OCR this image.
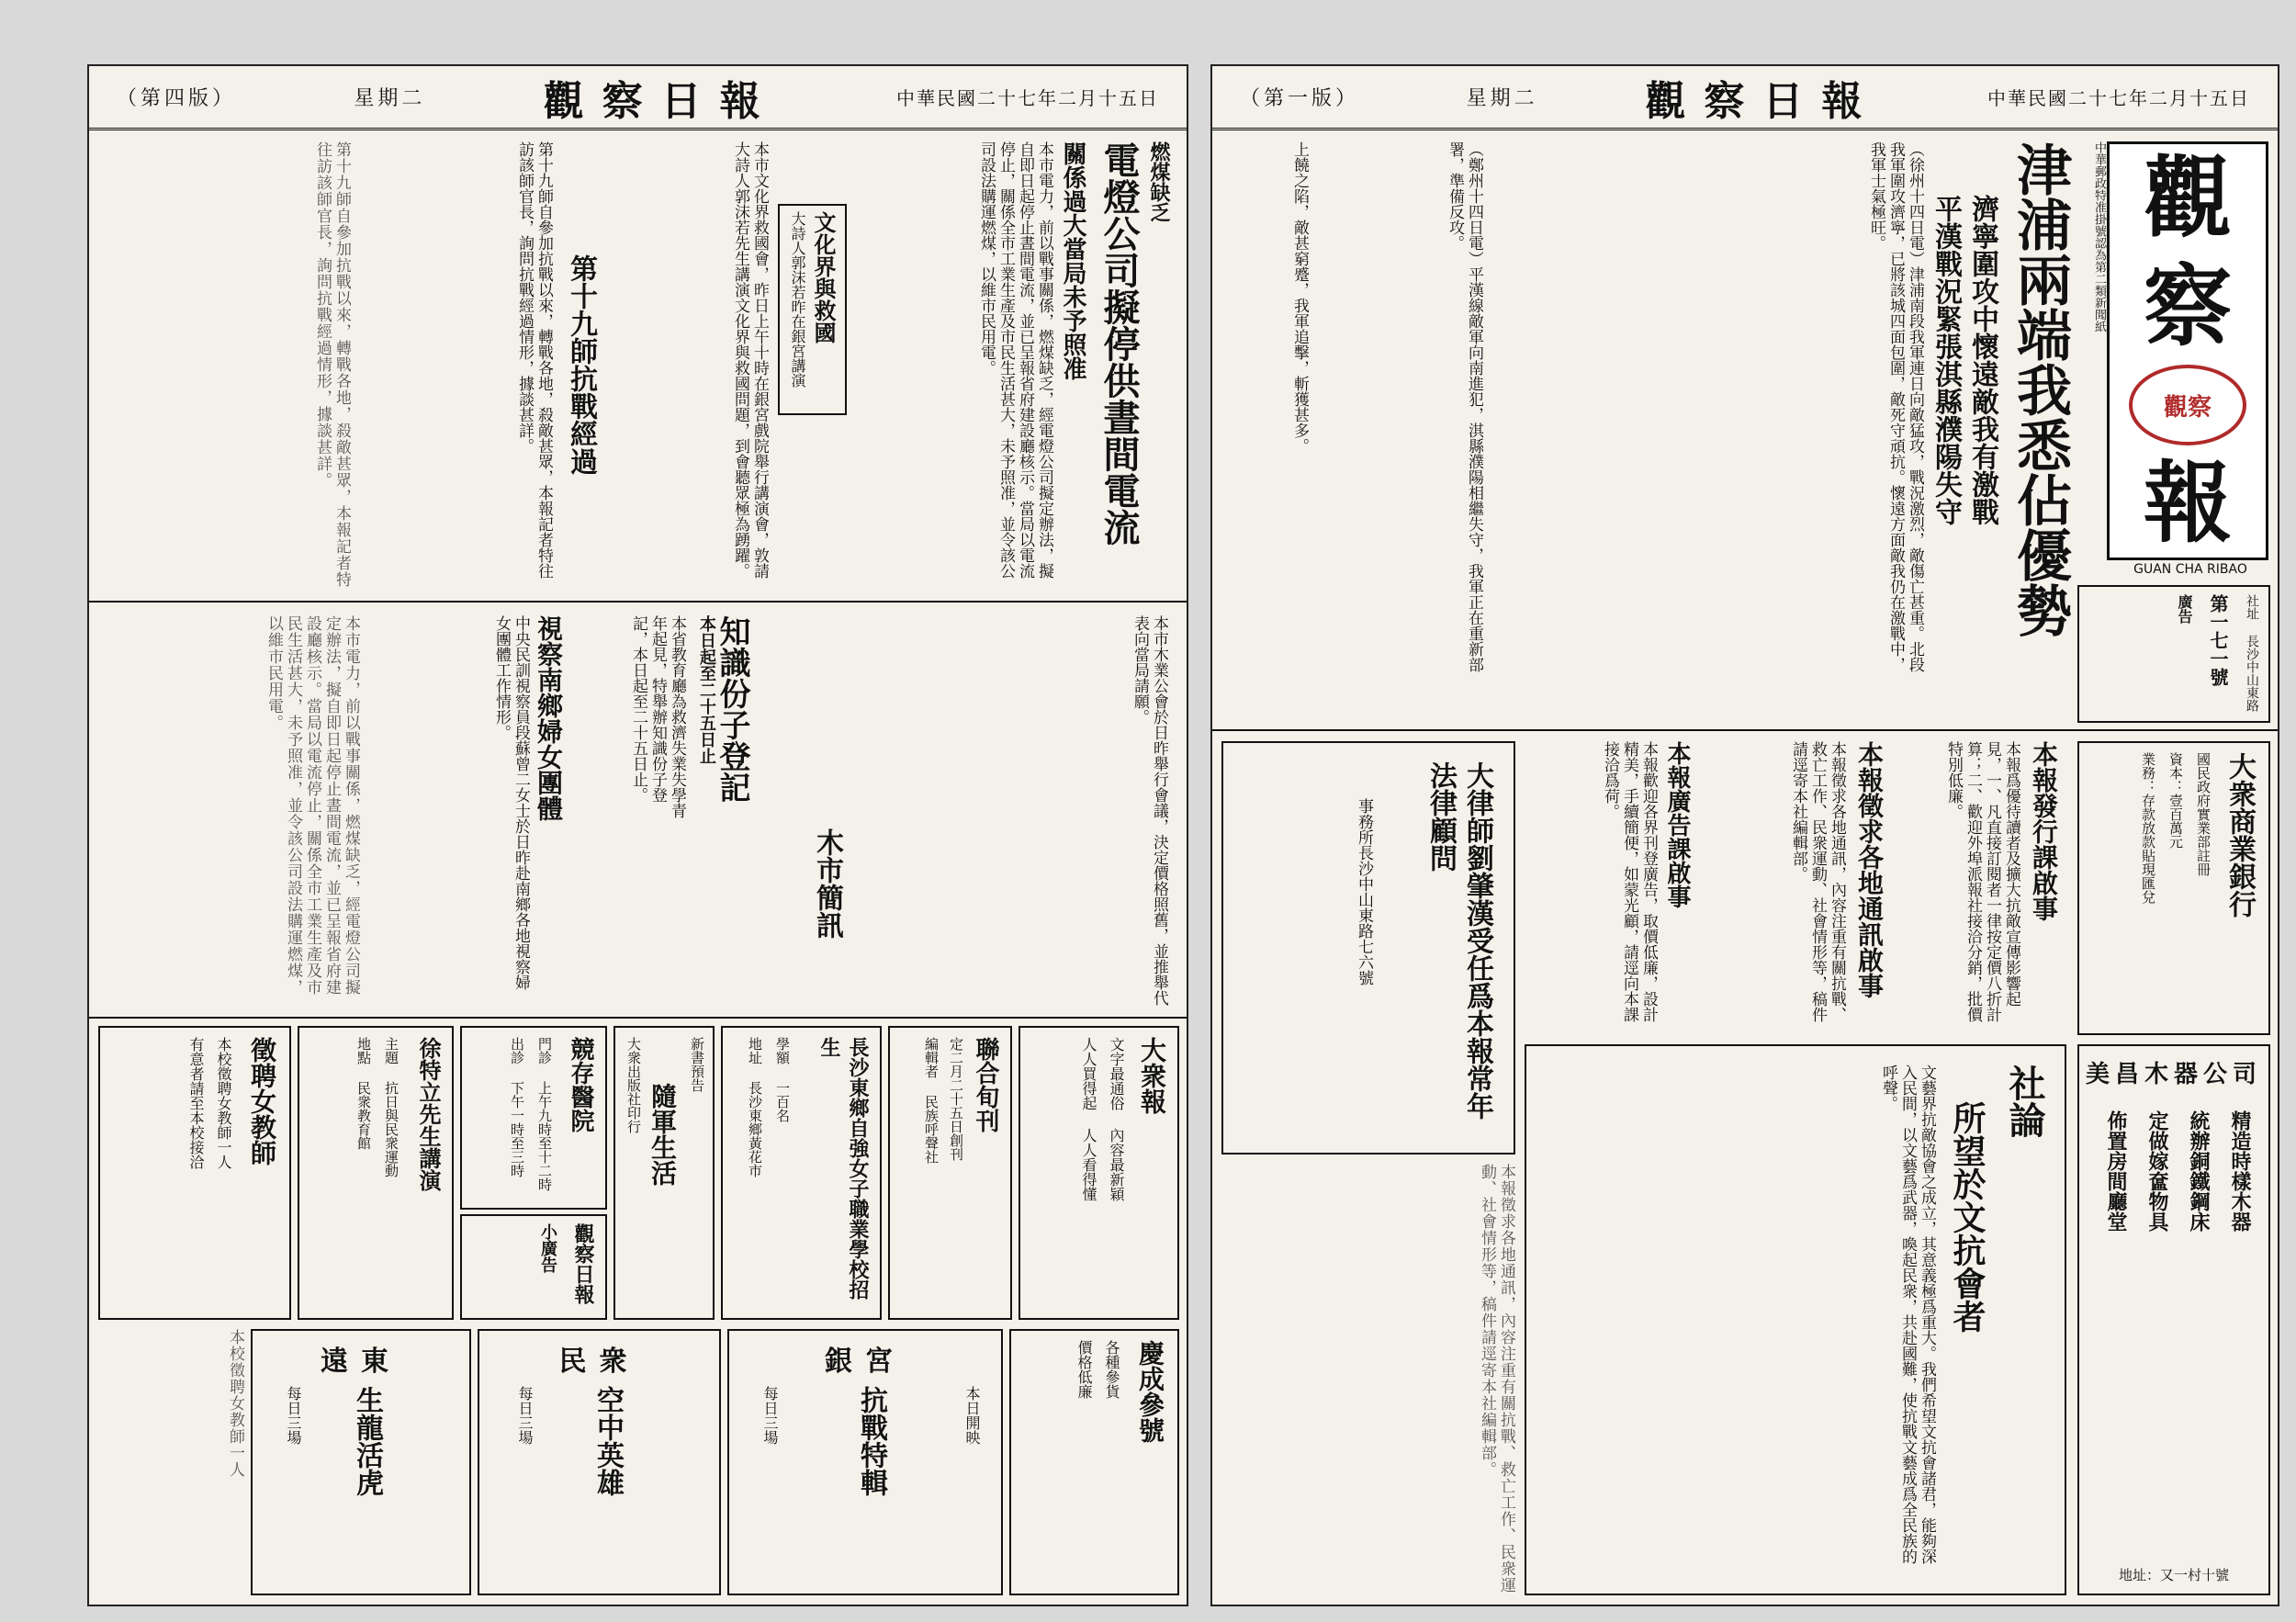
（第四版）	星期二	觀察日報	中華民國二十七年二月十五日
燃煤缺乏
電燈公司擬停供晝間電流
關係過大當局未予照准
本市電力，前以戰事關係，燃煤缺乏，經電燈公司擬定辦法，擬自即日起停止晝間電流，並已呈報省府建設廳核示。當局以電流停止，關係全市工業生產及市民生活甚大，未予照准，並令該公司設法購運燃煤，以維市民用電。
文化界與救國
大詩人郭沫若昨在銀宮講演
本市文化界救國會，昨日上午十時在銀宮戲院舉行講演會，敦請大詩人郭沫若先生講演文化界與救國問題，到會聽眾極為踴躍。
第十九師抗戰經過
第十九師自參加抗戰以來，轉戰各地，殺敵甚眾，本報記者特往訪該師官長，詢問抗戰經過情形，據談甚詳。
第十九師自參加抗戰以來，轉戰各地，殺敵甚眾，本報記者特往訪該師官長，詢問抗戰經過情形，據談甚詳。
知識份子登記
本日起至二十五日止
本省教育廳為救濟失業失學青年起見，特舉辦知識份子登記，本日起至二十五日止。
木市簡訊	本市木業公會於日昨舉行會議，決定價格照舊，並推舉代表向當局請願。
視察南鄉婦女團體
中央民訓視察員段蘇曾二女士於日昨赴南鄉各地視察婦女團體工作情形。
本市電力，前以戰事關係，燃煤缺乏，經電燈公司擬定辦法，擬自即日起停止晝間電流，並已呈報省府建設廳核示。當局以電流停止，關係全市工業生產及市民生活甚大，未予照准，並令該公司設法購運燃煤，以維市民用電。
大衆報
文字最通俗 內容最新穎
人人買得起 人人看得懂
聯合旬刊
定二月二十五日創刊
編輯者 民族呼聲社
長沙東鄉自強女子職業學校招生
學額 一百名
地址 長沙東鄉黃花市
新書預告
隨軍生活
大衆出版社印行
競存醫院
門診 上午九時至十二時
出診 下午一時至三時
觀察日報
小廣告
徐特立先生講演
主題 抗日與民衆運動
地點 民衆教育館
徵聘女教師
本校徵聘女教師一人
有意者請至本校接洽
慶成參號
各種參貨
價格低廉
銀宮
本日開映
抗戰特輯
每日三場
民衆
空中英雄
每日三場
遠東
生龍活虎
每日三場
本校徵聘女教師一人
（第一版）	星期二	觀察日報	中華民國二十七年二月十五日
觀
察
觀察
報
GUAN CHA RIBAO
中華郵政特准掛號認為第二類新聞紙
社址 長沙中山東路
第一七一號
廣告
津浦兩端我悉佔優勢
濟寧圍攻中懷遠敵我有激戰
平漢戰況緊張淇縣濮陽失守
（徐州十四日電）津浦南段我軍連日向敵猛攻，戰況激烈，敵傷亡甚重。北段我軍圍攻濟寧，已將該城四面包圍，敵死守頑抗。懷遠方面敵我仍在激戰中，我軍士氣極旺。
（鄭州十四日電）平漢線敵軍向南進犯，淇縣濮陽相繼失守，我軍正在重新部署，準備反攻。
上饒之陷，敵甚窮蹙，我軍追擊，斬獲甚多。
大衆商業銀行
國民政府實業部註冊
資本：壹百萬元
業務：存款放款貼現匯兌
本報發行課啟事
本報爲優待讀者及擴大抗敵宣傳影響起見，一、凡直接訂閱者一律按定價八折計算；二、歡迎外埠派報社接洽分銷，批價特別低廉。
本報徵求各地通訊啟事
本報徵求各地通訊，內容注重有關抗戰、救亡工作、民衆運動、社會情形等，稿件請逕寄本社編輯部。
本報廣告課啟事
本報歡迎各界刊登廣告，取價低廉，設計精美，手續簡便，如蒙光顧，請逕向本課接洽爲荷。
大律師劉肇漢受任爲本報常年法律顧問
事務所長沙中山東路七六號
美昌木器公司
精造時樣木器
統辦銅鐵鋼床
定做嫁奩物具
佈置房間廳堂
地址：又一村十號
社論
所望於文抗會者
文藝界抗敵協會之成立，其意義極爲重大。我們希望文抗會諸君，能夠深入民間，以文藝爲武器，喚起民衆，共赴國難，使抗戰文藝成爲全民族的呼聲。
本報徵求各地通訊，內容注重有關抗戰、救亡工作、民衆運動、社會情形等，稿件請逕寄本社編輯部。
